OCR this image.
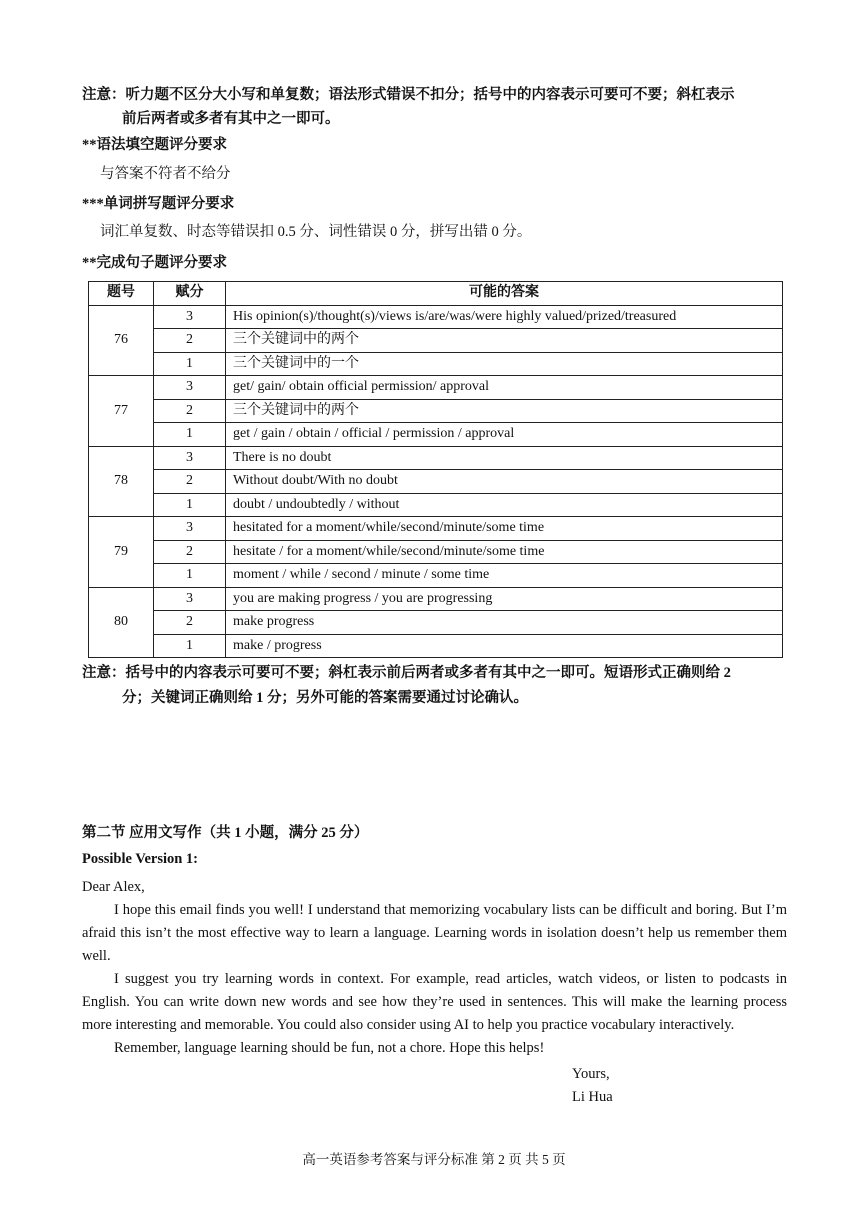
注意：听力题不区分大小写和单复数；语法形式错误不扣分；括号中的内容表示可要可不要；斜杠表示
前后两者或多者有其中之一即可。
**语法填空题评分要求
与答案不符者不给分
***单词拼写题评分要求
词汇单复数、时态等错误扣 0.5 分、词性错误 0 分，拼写出错 0 分。
**完成句子题评分要求
题号	赋分	可能的答案
76	3	His opinion(s)/thought(s)/views is/are/was/were highly valued/prized/treasured
	2	三个关键词中的两个
	1	三个关键词中的一个
77	3	get/ gain/ obtain official permission/ approval
	2	三个关键词中的两个
	1	get / gain / obtain / official / permission / approval
78	3	There is no doubt
	2	Without doubt/With no doubt
	1	doubt / undoubtedly / without
79	3	hesitated for a moment/while/second/minute/some time
	2	hesitate / for a moment/while/second/minute/some time
	1	moment / while / second / minute / some time
80	3	you are making progress / you are progressing
	2	make progress
	1	make / progress
注意：括号中的内容表示可要可不要；斜杠表示前后两者或多者有其中之一即可。短语形式正确则给 2
分；关键词正确则给 1 分；另外可能的答案需要通过讨论确认。
第二节 应用文写作（共 1 小题，满分 25 分）
Possible Version 1:

Dear Alex,

I hope this email finds you well! I understand that memorizing vocabulary lists can be difficult and boring. But I’m afraid this isn’t the most effective way to learn a language. Learning words in isolation doesn’t help us remember them well.

I suggest you try learning words in context. For example, read articles, watch videos, or listen to podcasts in English. You can write down new words and see how they’re used in sentences. This will make the learning process more interesting and memorable. You could also consider using AI to help you practice vocabulary interactively.

Remember, language learning should be fun, not a chore. Hope this helps!

Yours,
Li Hua
高一英语参考答案与评分标准 第 2 页 共 5 页
